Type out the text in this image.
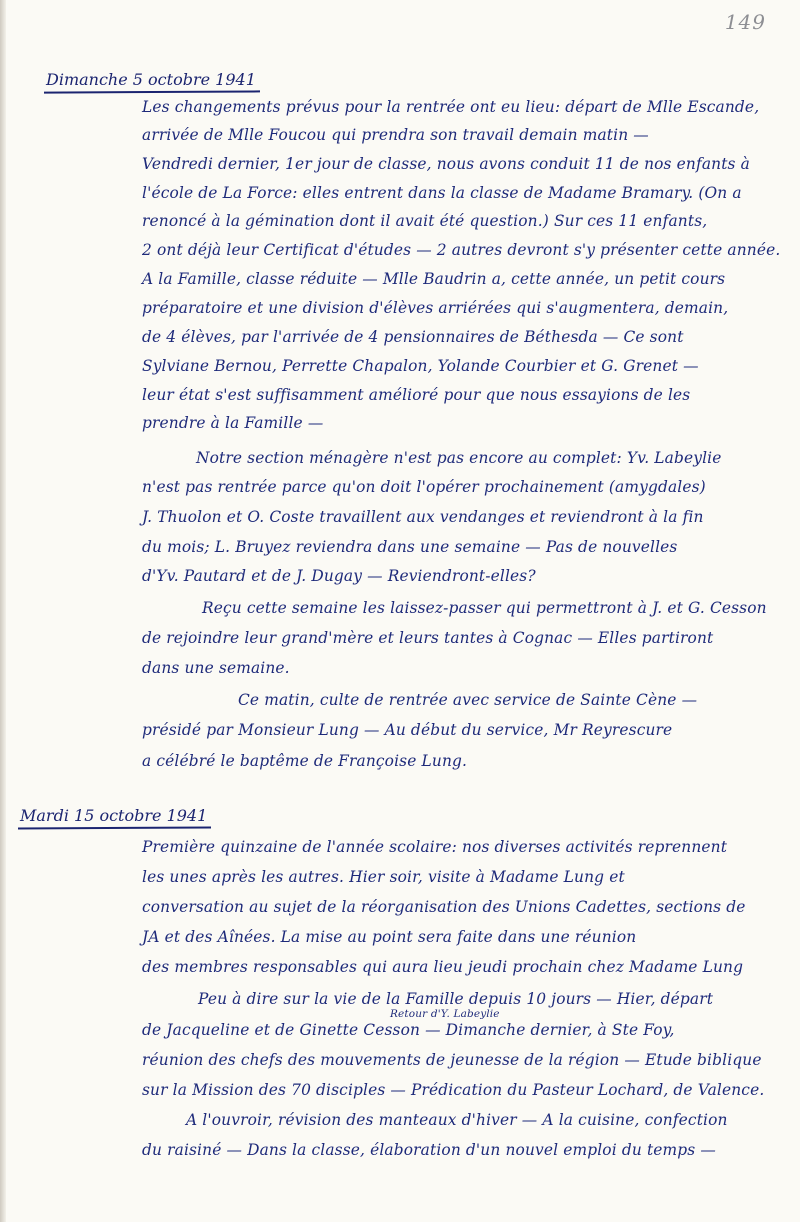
149
Dimanche 5 octobre 1941
Les changements prévus pour la rentrée ont eu lieu: départ de Mlle Escande,
arrivée de Mlle Foucou qui prendra son travail demain matin —
Vendredi dernier, 1er jour de classe, nous avons conduit 11 de nos enfants à
l'école de La Force: elles entrent dans la classe de Madame Bramary. (On a
renoncé à la gémination dont il avait été question.) Sur ces 11 enfants,
2 ont déjà leur Certificat d'études — 2 autres devront s'y présenter cette année.
A la Famille, classe réduite — Mlle Baudrin a, cette année, un petit cours
préparatoire et une division d'élèves arriérées qui s'augmentera, demain,
de 4 élèves, par l'arrivée de 4 pensionnaires de Béthesda — Ce sont
Sylviane Bernou, Perrette Chapalon, Yolande Courbier et G. Grenet —
leur état s'est suffisamment amélioré pour que nous essayions de les
prendre à la Famille —
Notre section ménagère n'est pas encore au complet: Yv. Labeylie
n'est pas rentrée parce qu'on doit l'opérer prochainement (amygdales)
J. Thuolon et O. Coste travaillent aux vendanges et reviendront à la fin
du mois; L. Bruyez reviendra dans une semaine — Pas de nouvelles
d'Yv. Pautard et de J. Dugay — Reviendront-elles?
Reçu cette semaine les laissez-passer qui permettront à J. et G. Cesson
de rejoindre leur grand'mère et leurs tantes à Cognac — Elles partiront
dans une semaine.
Ce matin, culte de rentrée avec service de Sainte Cène —
présidé par Monsieur Lung — Au début du service, Mr Reyrescure
a célébré le baptême de Françoise Lung.
Mardi 15 octobre 1941
Première quinzaine de l'année scolaire: nos diverses activités reprennent
les unes après les autres. Hier soir, visite à Madame Lung et
conversation au sujet de la réorganisation des Unions Cadettes, sections de
JA et des Aînées. La mise au point sera faite dans une réunion
des membres responsables qui aura lieu jeudi prochain chez Madame Lung
Peu à dire sur la vie de la Famille depuis 10 jours — Hier, départ
Retour d'Y. Labeylie
de Jacqueline et de Ginette Cesson — Dimanche dernier, à Ste Foy,
réunion des chefs des mouvements de jeunesse de la région — Etude biblique
sur la Mission des 70 disciples — Prédication du Pasteur Lochard, de Valence.
A l'ouvroir, révision des manteaux d'hiver — A la cuisine, confection
du raisiné — Dans la classe, élaboration d'un nouvel emploi du temps —
